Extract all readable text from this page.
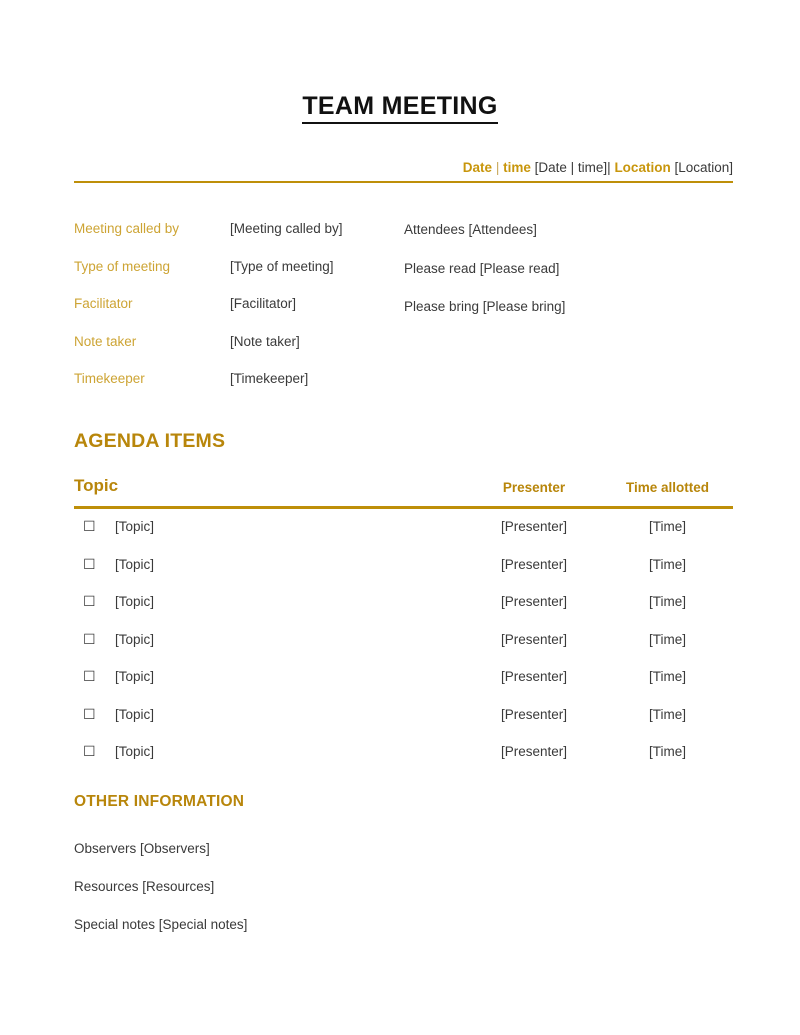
TEAM MEETING
Date | time [Date | time]| Location [Location]
Meeting called by	[Meeting called by]
Type of meeting	[Type of meeting]
Facilitator	[Facilitator]
Note taker	[Note taker]
Timekeeper	[Timekeeper]
Attendees [Attendees]
Please read [Please read]
Please bring [Please bring]
AGENDA ITEMS
Topic	Presenter	Time allotted
☐ [Topic]	[Presenter]	[Time]
☐ [Topic]	[Presenter]	[Time]
☐ [Topic]	[Presenter]	[Time]
☐ [Topic]	[Presenter]	[Time]
☐ [Topic]	[Presenter]	[Time]
☐ [Topic]	[Presenter]	[Time]
☐ [Topic]	[Presenter]	[Time]
OTHER INFORMATION
Observers [Observers]
Resources [Resources]
Special notes [Special notes]
